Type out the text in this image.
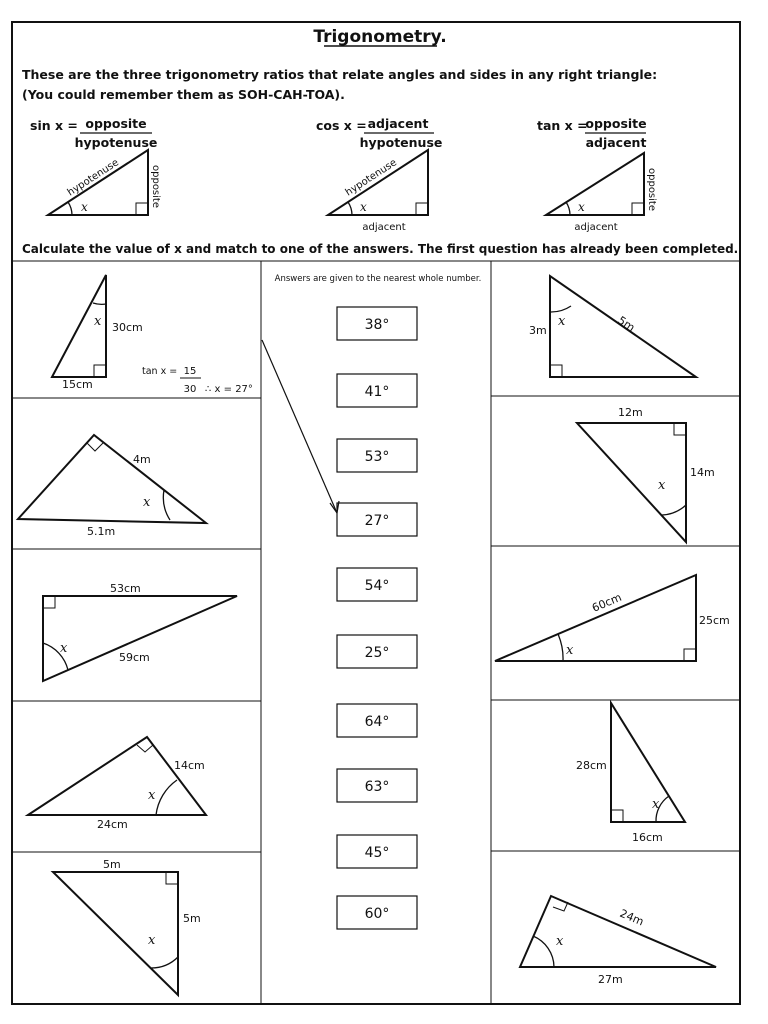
Trigonometry.
These are the three trigonometry ratios that relate angles and sides in any right triangle:
(You could remember them as SOH-CAH-TOA).
sin x = opposite
hypotenuse
x
hypotenuse	opposite
cos x = adjacent
hypotenuse
x
hypotenuse
adjacent
tan x =
opposite
adjacent
x	opposite
adjacent
Calculate the value of x and match to one of the answers. The first question has already been completed.
Answers are given to the nearest whole number.
38°
41°
53°
27°
54°
25°
64°
63°
45°
60°
x 30cm
15cm
tan x = 15
30 ∴ x = 27°
x
4m
5.1m
x
53cm
59cm
x
14cm
24cm
x
5m
5m
x
3m	5m
x
12m
14m
x
60cm
25cm
x
28cm
16cm
x
24m
27m
